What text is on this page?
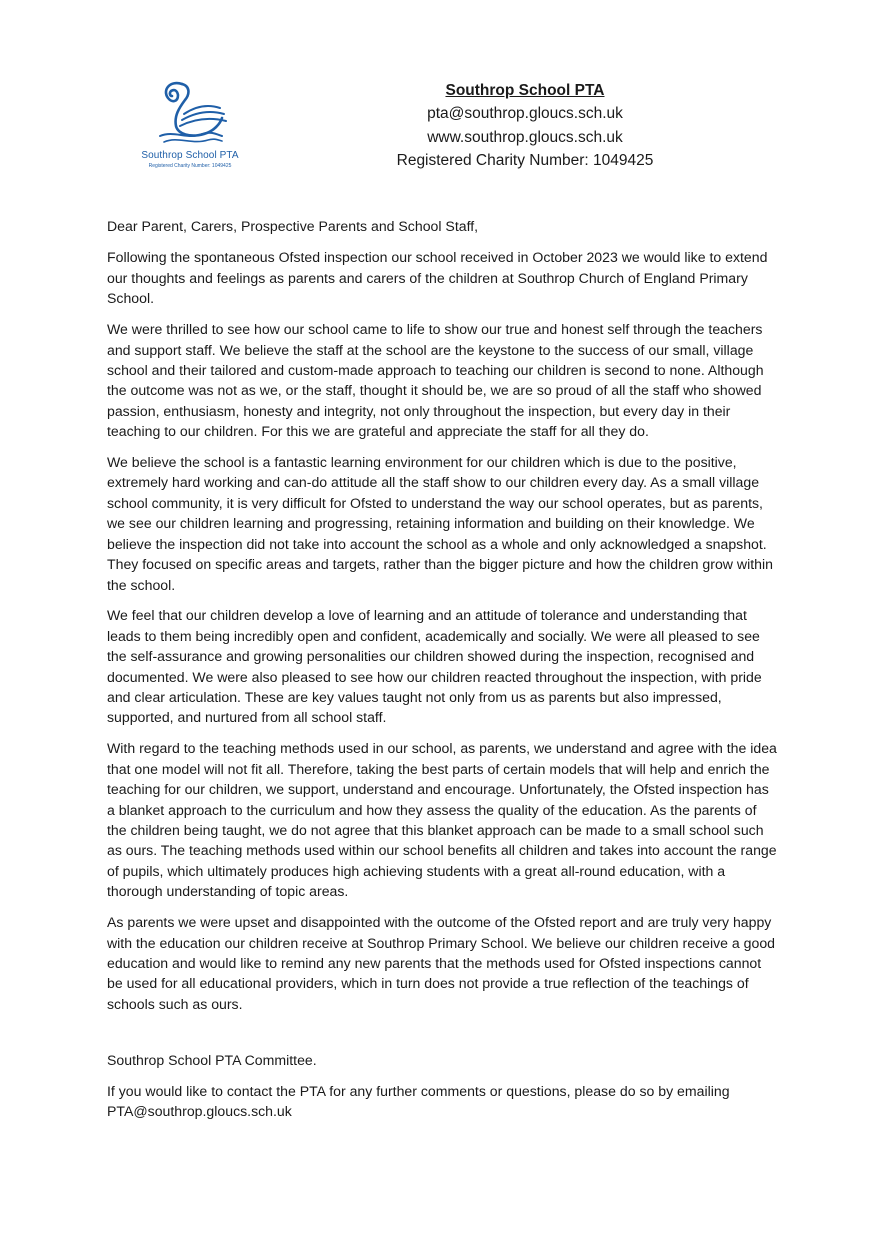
Southrop School PTA
Registered Charity Number: 1049425
Southrop School PTA
pta@southrop.gloucs.sch.uk
www.southrop.gloucs.sch.uk
Registered Charity Number: 1049425

Dear Parent, Carers, Prospective Parents and School Staff,

Following the spontaneous Ofsted inspection our school received in October 2023 we would like to extend our thoughts and feelings as parents and carers of the children at Southrop Church of England Primary School.

We were thrilled to see how our school came to life to show our true and honest self through the teachers and support staff. We believe the staff at the school are the keystone to the success of our small, village school and their tailored and custom-made approach to teaching our children is second to none. Although the outcome was not as we, or the staff, thought it should be, we are so proud of all the staff who showed passion, enthusiasm, honesty and integrity, not only throughout the inspection, but every day in their teaching to our children. For this we are grateful and appreciate the staff for all they do.

We believe the school is a fantastic learning environment for our children which is due to the positive, extremely hard working and can-do attitude all the staff show to our children every day. As a small village school community, it is very difficult for Ofsted to understand the way our school operates, but as parents, we see our children learning and progressing, retaining information and building on their knowledge. We believe the inspection did not take into account the school as a whole and only acknowledged a snapshot. They focused on specific areas and targets, rather than the bigger picture and how the children grow within the school.

We feel that our children develop a love of learning and an attitude of tolerance and understanding that leads to them being incredibly open and confident, academically and socially. We were all pleased to see the self-assurance and growing personalities our children showed during the inspection, recognised and documented. We were also pleased to see how our children reacted throughout the inspection, with pride and clear articulation. These are key values taught not only from us as parents but also impressed, supported, and nurtured from all school staff.

With regard to the teaching methods used in our school, as parents, we understand and agree with the idea that one model will not fit all. Therefore, taking the best parts of certain models that will help and enrich the teaching for our children, we support, understand and encourage. Unfortunately, the Ofsted inspection has a blanket approach to the curriculum and how they assess the quality of the education. As the parents of the children being taught, we do not agree that this blanket approach can be made to a small school such as ours. The teaching methods used within our school benefits all children and takes into account the range of pupils, which ultimately produces high achieving students with a great all-round education, with a thorough understanding of topic areas.

As parents we were upset and disappointed with the outcome of the Ofsted report and are truly very happy with the education our children receive at Southrop Primary School. We believe our children receive a good education and would like to remind any new parents that the methods used for Ofsted inspections cannot be used for all educational providers, which in turn does not provide a true reflection of the teachings of schools such as ours.

Southrop School PTA Committee.

If you would like to contact the PTA for any further comments or questions, please do so by emailing
PTA@southrop.gloucs.sch.uk
